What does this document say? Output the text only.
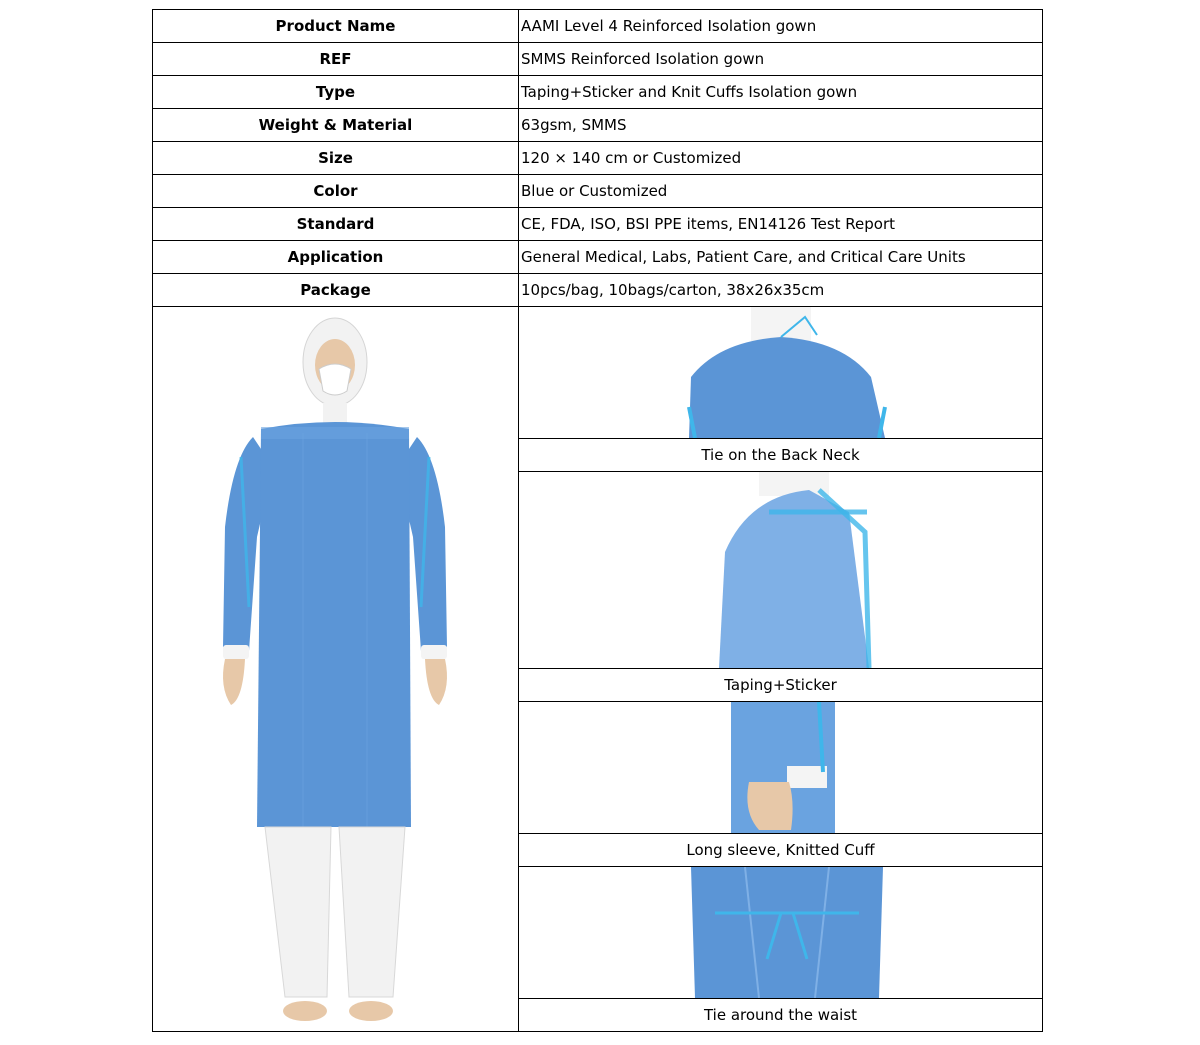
Product Name	AAMI Level 4 Reinforced Isolation gown
REF	SMMS Reinforced Isolation gown
Type	Taping+Sticker and Knit Cuffs Isolation gown
Weight & Material	63gsm, SMMS
Size	120 × 140 cm or Customized
Color	Blue or Customized
Standard	CE, FDA, ISO, BSI PPE items, EN14126 Test Report
Application	General Medical, Labs, Patient Care, and Critical Care Units
Package	10pcs/bag, 10bags/carton, 38x26x35cm

	Tie on the Back Neck

	Taping+Sticker

	Long sleeve, Knitted Cuff

	Tie around the waist
